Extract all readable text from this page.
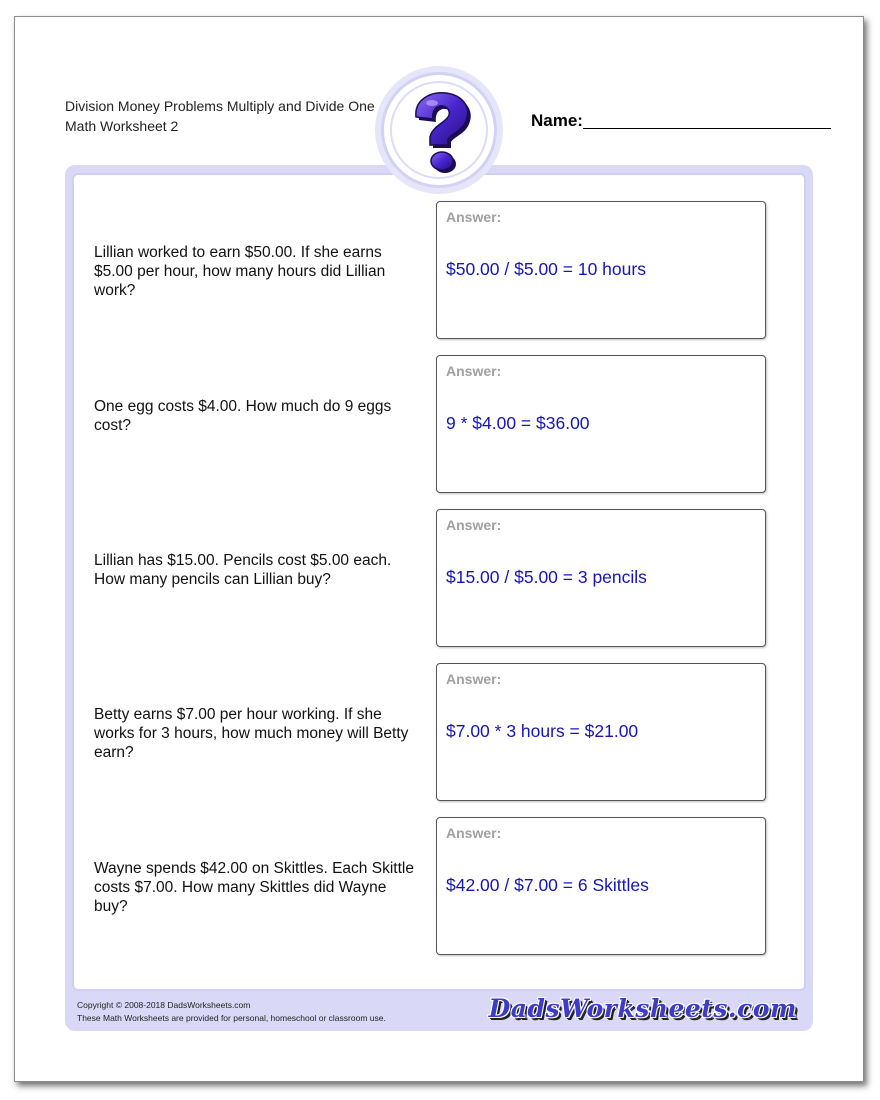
Division Money Problems Multiply and Divide One
Math Worksheet 2	Name:
Lillian worked to earn $50.00. If she earns $5.00 per hour, how many hours did Lillian work?
Answer:
$50.00 / $5.00 = 10 hours
One egg costs $4.00. How much do 9 eggs cost?
Answer:
9 * $4.00 = $36.00
Lillian has $15.00. Pencils cost $5.00 each. How many pencils can Lillian buy?
Answer:
$15.00 / $5.00 = 3 pencils
Betty earns $7.00 per hour working. If she works for 3 hours, how much money will Betty earn?
Answer:
$7.00 * 3 hours = $21.00
Wayne spends $42.00 on Skittles. Each Skittle costs $7.00. How many Skittles did Wayne buy?
Answer:
$42.00 / $7.00 = 6 Skittles
Copyright © 2008-2018 DadsWorksheets.com
These Math Worksheets are provided for personal, homeschool or classroom use.	DadsWorksheets.com
